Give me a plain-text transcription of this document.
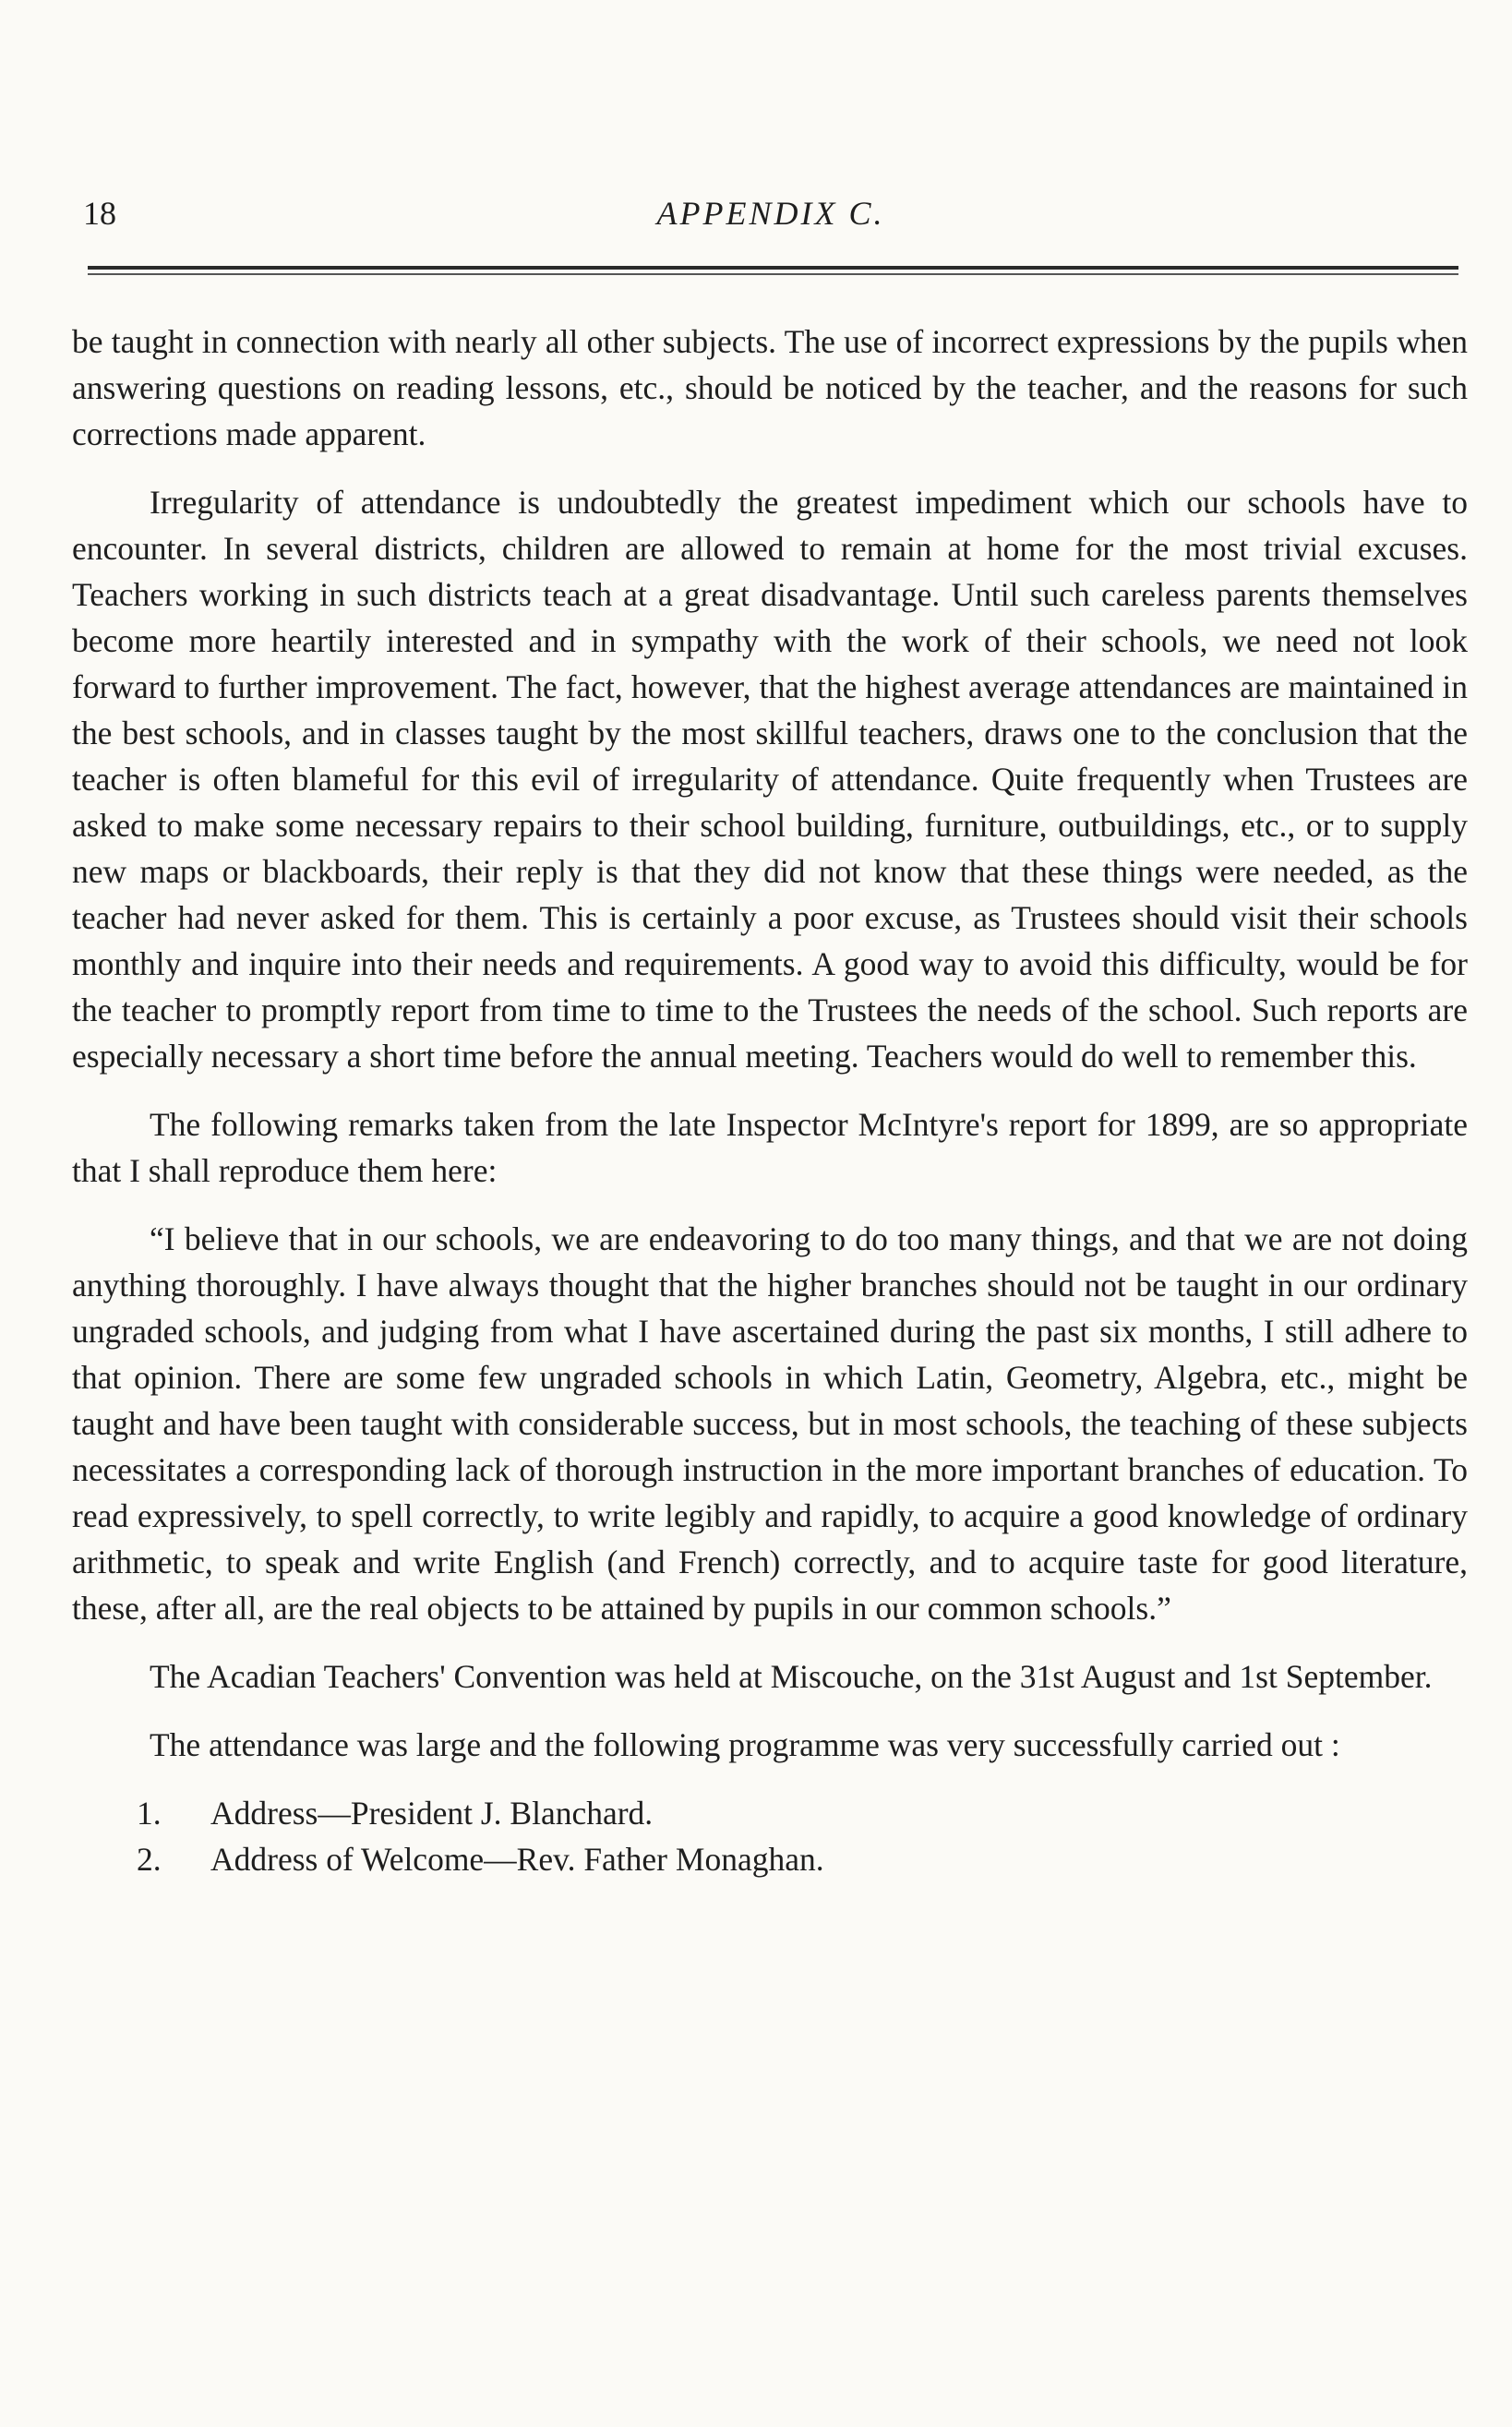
18	APPENDIX C.

be taught in connection with nearly all other subjects. The use of incorrect expressions by the pupils when answering questions on reading lessons, etc., should be noticed by the teacher, and the reasons for such corrections made apparent.

Irregularity of attendance is undoubtedly the greatest impediment which our schools have to encounter. In several districts, children are allowed to remain at home for the most trivial excuses. Teachers working in such districts teach at a great disadvantage. Until such careless parents themselves become more heartily interested and in sympathy with the work of their schools, we need not look forward to further improvement. The fact, however, that the highest average attendances are maintained in the best schools, and in classes taught by the most skillful teachers, draws one to the conclusion that the teacher is often blameful for this evil of irregularity of attendance. Quite frequently when Trustees are asked to make some necessary repairs to their school building, furniture, outbuildings, etc., or to supply new maps or blackboards, their reply is that they did not know that these things were needed, as the teacher had never asked for them. This is certainly a poor excuse, as Trustees should visit their schools monthly and inquire into their needs and requirements. A good way to avoid this difficulty, would be for the teacher to promptly report from time to time to the Trustees the needs of the school. Such reports are especially necessary a short time before the annual meeting. Teachers would do well to remember this.

The following remarks taken from the late Inspector McIntyre's report for 1899, are so appropriate that I shall reproduce them here:

“I believe that in our schools, we are endeavoring to do too many things, and that we are not doing anything thoroughly. I have always thought that the higher branches should not be taught in our ordinary ungraded schools, and judging from what I have ascertained during the past six months, I still adhere to that opinion. There are some few ungraded schools in which Latin, Geometry, Algebra, etc., might be taught and have been taught with considerable success, but in most schools, the teaching of these subjects necessitates a corresponding lack of thorough instruction in the more important branches of education. To read expressively, to spell correctly, to write legibly and rapidly, to acquire a good knowledge of ordinary arithmetic, to speak and write English (and French) correctly, and to acquire taste for good literature, these, after all, are the real objects to be attained by pupils in our common schools.”

The Acadian Teachers' Convention was held at Miscouche, on the 31st August and 1st September.

The attendance was large and the following programme was very successfully carried out :

1.	Address—President J. Blanchard.
2.	Address of Welcome—Rev. Father Monaghan.
